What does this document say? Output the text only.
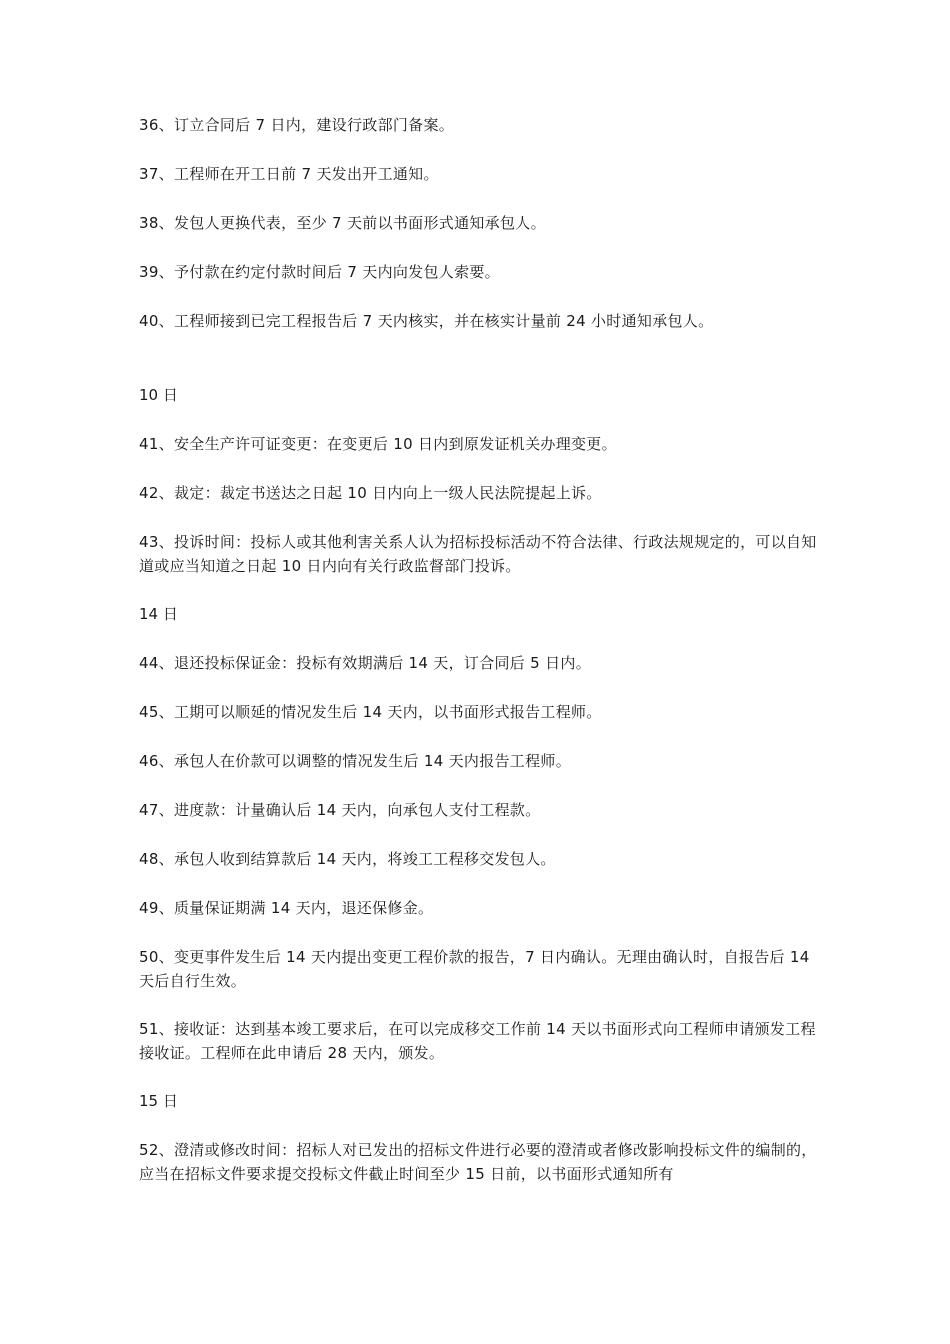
36、订立合同后 7 日内，建设行政部门备案。

37、工程师在开工日前 7 天发出开工通知。

38、发包人更换代表，至少 7 天前以书面形式通知承包人。

39、予付款在约定付款时间后 7 天内向发包人索要。

40、工程师接到已完工程报告后 7 天内核实，并在核实计量前 24 小时通知承包人。

10 日

41、安全生产许可证变更：在变更后 10 日内到原发证机关办理变更。

42、裁定：裁定书送达之日起 10 日内向上一级人民法院提起上诉。

43、投诉时间：投标人或其他利害关系人认为招标投标活动不符合法律、行政法规规定的，可以自知道或应当知道之日起 10 日内向有关行政监督部门投诉。

14 日

44、退还投标保证金：投标有效期满后 14 天，订合同后 5 日内。

45、工期可以顺延的情况发生后 14 天内，以书面形式报告工程师。

46、承包人在价款可以调整的情况发生后 14 天内报告工程师。

47、进度款：计量确认后 14 天内，向承包人支付工程款。

48、承包人收到结算款后 14 天内，将竣工工程移交发包人。

49、质量保证期满 14 天内，退还保修金。

50、变更事件发生后 14 天内提出变更工程价款的报告，7 日内确认。无理由确认时，自报告后 14 天后自行生效。

51、接收证：达到基本竣工要求后，在可以完成移交工作前 14 天以书面形式向工程师申请颁发工程接收证。工程师在此申请后 28 天内，颁发。

15 日

52、澄清或修改时间：招标人对已发出的招标文件进行必要的澄清或者修改影响投标文件的编制的，应当在招标文件要求提交投标文件截止时间至少 15 日前，以书面形式通知所有
